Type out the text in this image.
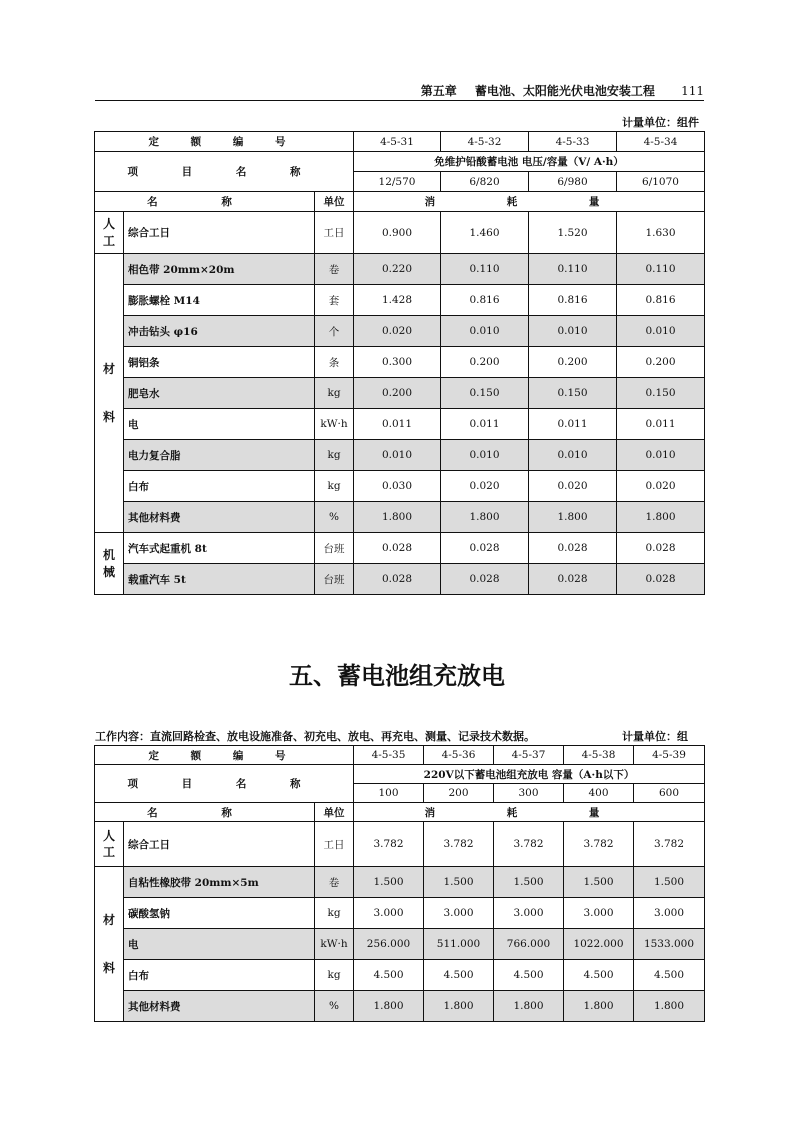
第五章 蓄电池、太阳能光伏电池安装工程 111
计量单位：组件
定 额 编 号			4-5-31	4-5-32	4-5-33	4-5-34
项 目 名 称			免维护铅酸蓄电池 电压/容量（V/ A·h）			
			12/570	6/820	6/980	6/1070
名 称		单位	消 耗 量			

人
工	综合工日	工日	0.900	1.460	1.520	1.630

材
料	相色带 20mm×20m	卷	0.220	0.110	0.110	0.110
	膨胀螺栓 M14	套	1.428	0.816	0.816	0.816
	冲击钻头 φ16	个	0.020	0.010	0.010	0.010
	铜铝条	条	0.300	0.200	0.200	0.200
	肥皂水	kg	0.200	0.150	0.150	0.150
	电	kW·h	0.011	0.011	0.011	0.011
	电力复合脂	kg	0.010	0.010	0.010	0.010
	白布	kg	0.030	0.020	0.020	0.020
	其他材料费	%	1.800	1.800	1.800	1.800

机
械	汽车式起重机 8t	台班	0.028	0.028	0.028	0.028
	载重汽车 5t	台班	0.028	0.028	0.028	0.028
五、蓄电池组充放电
工作内容：直流回路检查、放电设施准备、初充电、放电、再充电、测量、记录技术数据。	计量单位：组
定 额 编 号			4-5-35	4-5-36	4-5-37	4-5-38	4-5-39
项 目 名 称			220V以下蓄电池组充放电 容量（A·h以下）				
			100	200	300	400	600
名 称		单位	消 耗 量				

人
工	综合工日	工日	3.782	3.782	3.782	3.782	3.782

材
料	自粘性橡胶带 20mm×5m	卷	1.500	1.500	1.500	1.500	1.500
	碳酸氢钠	kg	3.000	3.000	3.000	3.000	3.000
	电	kW·h	256.000	511.000	766.000	1022.000	1533.000
	白布	kg	4.500	4.500	4.500	4.500	4.500
	其他材料费	%	1.800	1.800	1.800	1.800	1.800
